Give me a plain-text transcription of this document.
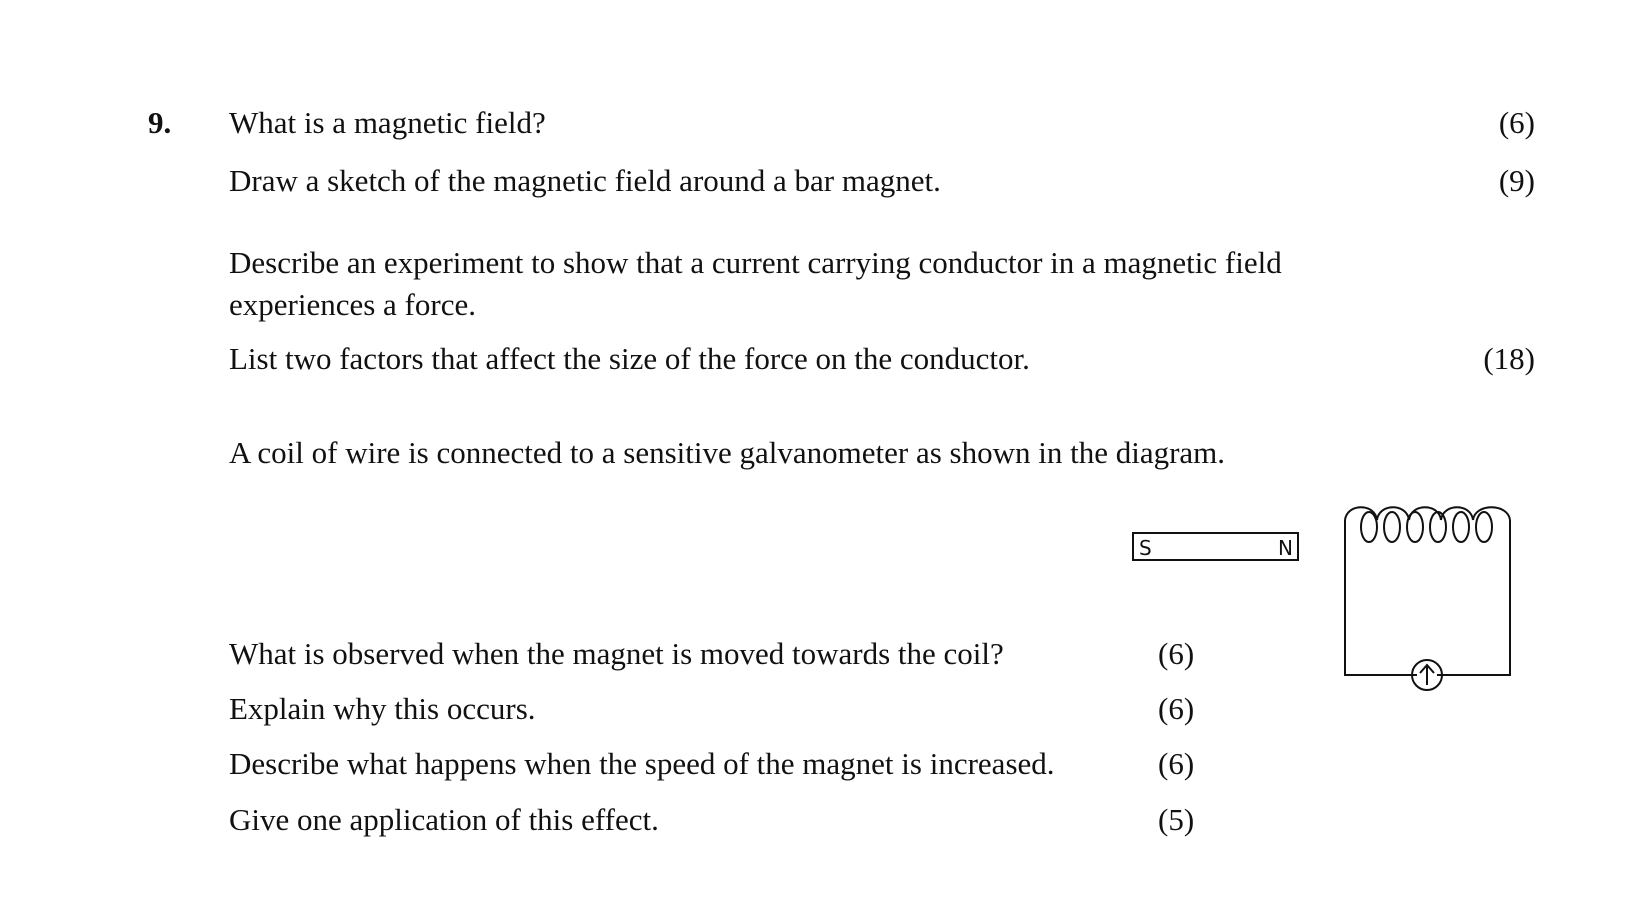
9. What is a magnetic field?	(6)
Draw a sketch of the magnetic field around a bar magnet.	(9)
Describe an experiment to show that a current carrying conductor in a magnetic field
experiences a force.
List two factors that affect the size of the force on the conductor.	(18)
A coil of wire is connected to a sensitive galvanometer as shown in the diagram.
What is observed when the magnet is moved towards the coil?	(6)
Explain why this occurs.	(6)
Describe what happens when the speed of the magnet is increased.	(6)
Give one application of this effect.	(5)
S	N
